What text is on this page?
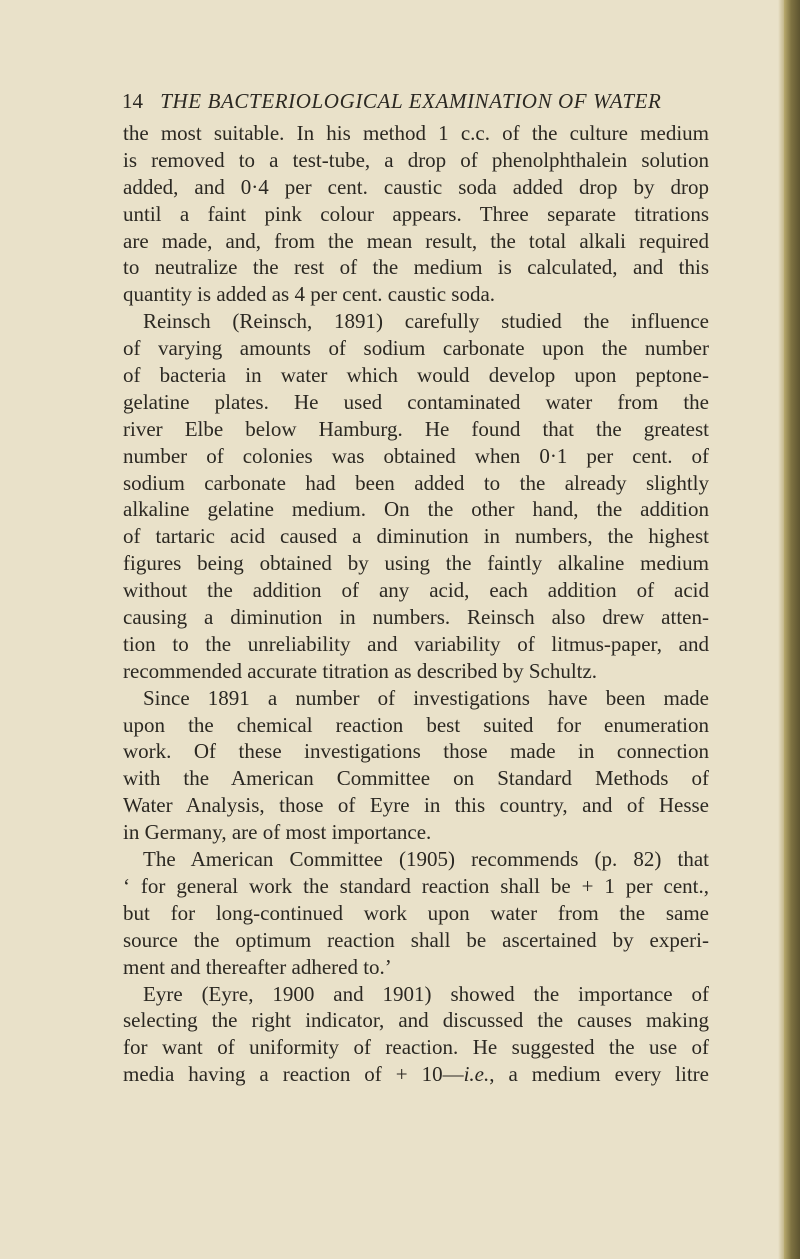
14 THE BACTERIOLOGICAL EXAMINATION OF WATER
the most suitable. In his method 1 c.c. of the culture medium
is removed to a test-tube, a drop of phenolphthalein solution
added, and 0·4 per cent. caustic soda added drop by drop
until a faint pink colour appears. Three separate titrations
are made, and, from the mean result, the total alkali required
to neutralize the rest of the medium is calculated, and this
quantity is added as 4 per cent. caustic soda.
Reinsch (Reinsch, 1891) carefully studied the influence
of varying amounts of sodium carbonate upon the number
of bacteria in water which would develop upon peptone-
gelatine plates. He used contaminated water from the
river Elbe below Hamburg. He found that the greatest
number of colonies was obtained when 0·1 per cent. of
sodium carbonate had been added to the already slightly
alkaline gelatine medium. On the other hand, the addition
of tartaric acid caused a diminution in numbers, the highest
figures being obtained by using the faintly alkaline medium
without the addition of any acid, each addition of acid
causing a diminution in numbers. Reinsch also drew atten-
tion to the unreliability and variability of litmus-paper, and
recommended accurate titration as described by Schultz.
Since 1891 a number of investigations have been made
upon the chemical reaction best suited for enumeration
work. Of these investigations those made in connection
with the American Committee on Standard Methods of
Water Analysis, those of Eyre in this country, and of Hesse
in Germany, are of most importance.
The American Committee (1905) recommends (p. 82) that
‘ for general work the standard reaction shall be + 1 per cent.,
but for long-continued work upon water from the same
source the optimum reaction shall be ascertained by experi-
ment and thereafter adhered to.’
Eyre (Eyre, 1900 and 1901) showed the importance of
selecting the right indicator, and discussed the causes making
for want of uniformity of reaction. He suggested the use of
media having a reaction of + 10—i.e., a medium every litre
